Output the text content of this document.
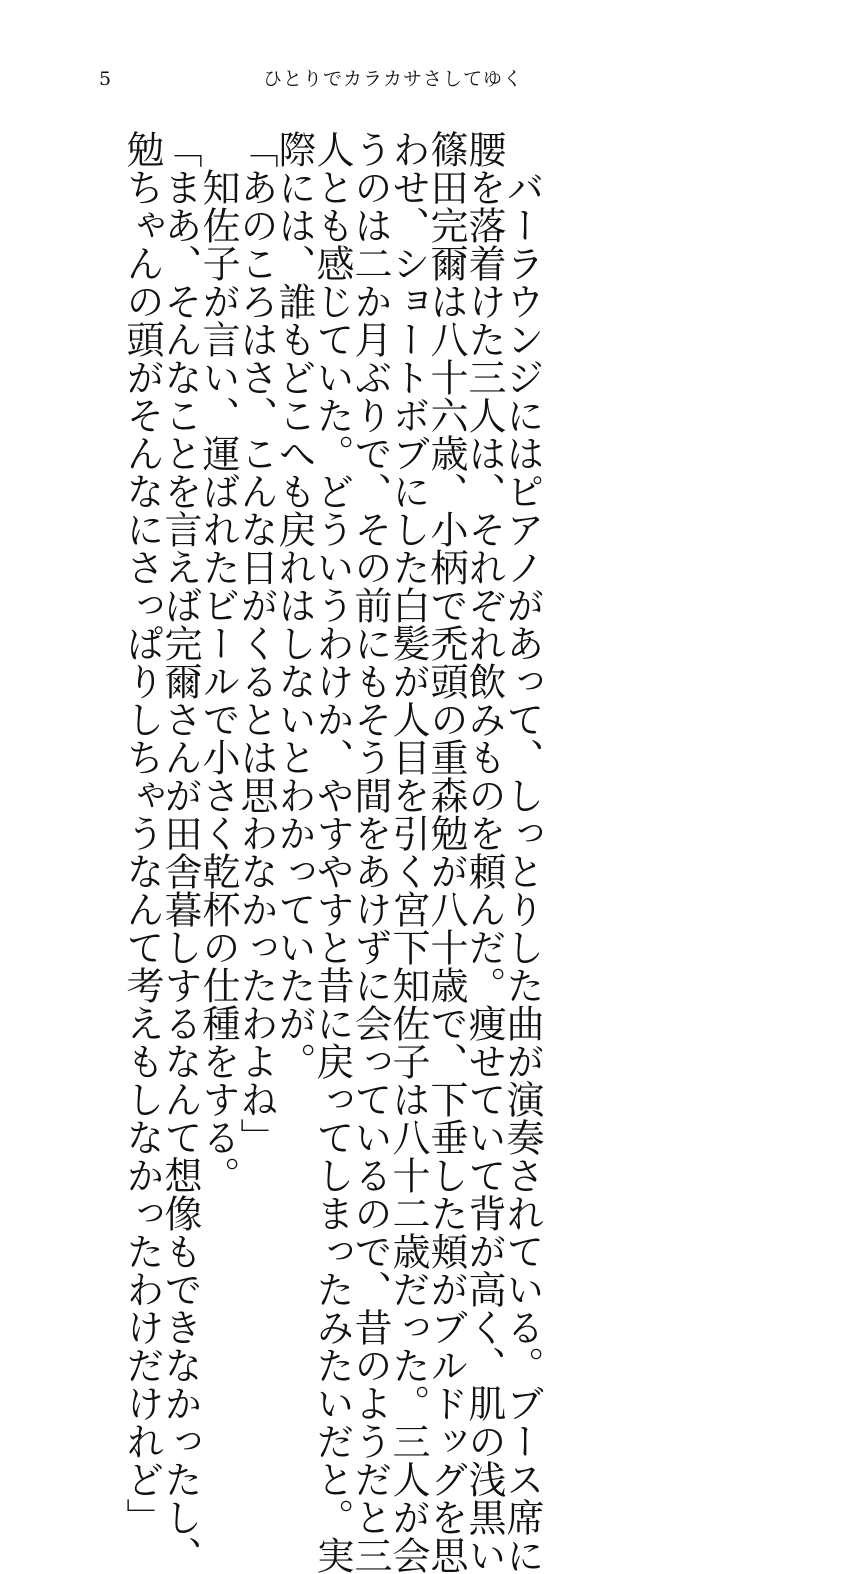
5	ひとりでカラカサさしてゆく
　バーラウンジにはピアノがあって、しっとりした曲が演奏されている。ブース席に
腰を落着けた三人は、それぞれ飲みものを頼んだ。痩せていて背が高く、肌の浅黒い
篠田完爾は八十六歳、小柄で禿頭の重森勉が八十歳で、下垂した頬がブルドッグを思
わせ、ショートボブにした白髪が人目を引く宮下知佐子は八十二歳だった。三人が会
うのは二か月ぶりで、その前にもそう間をあけずに会っているので、昔のようだと三
人とも感じていた。どういうわけか、やすやすと昔に戻ってしまったみたいだと。実
際には、誰もどこへも戻れはしないとわかっていたが。
「あのころはさ、こんな日がくるとは思わなかったわよね」
　知佐子が言い、運ばれたビールで小さく乾杯の仕種をする。
「まあ、そんなことを言えば完爾さんが田舎暮しするなんて想像もできなかったし、
勉ちゃんの頭がそんなにさっぱりしちゃうなんて考えもしなかったわけだけれど」
